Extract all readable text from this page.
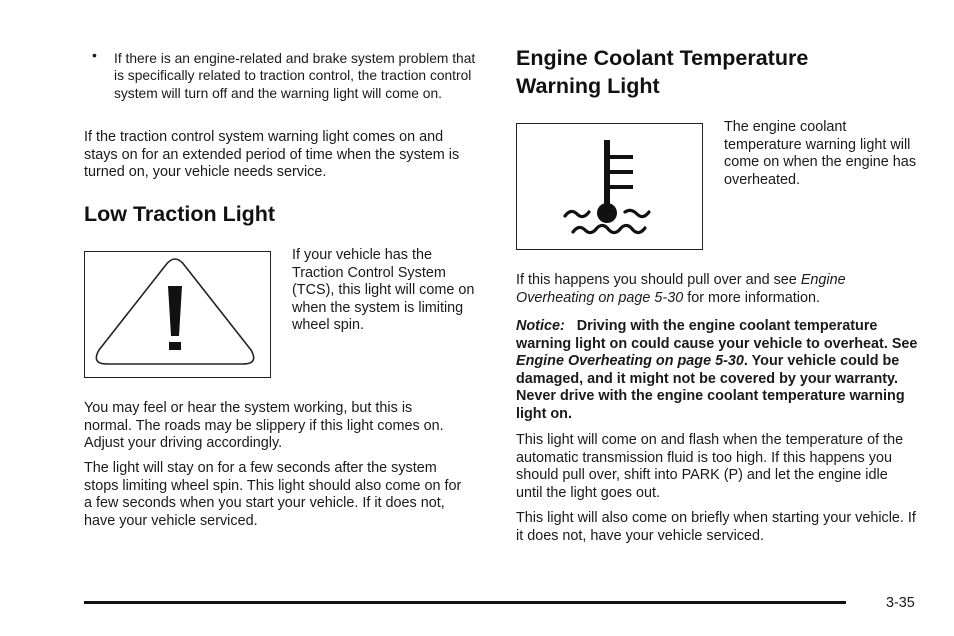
• If there is an engine-related and brake system problem that is specifically related to traction control, the traction control system will turn off and the warning light will come on.

If the traction control system warning light comes on and stays on for an extended period of time when the system is turned on, your vehicle needs service.

Low Traction Light

If your vehicle has the Traction Control System (TCS), this light will come on when the system is limiting wheel spin.

You may feel or hear the system working, but this is normal. The roads may be slippery if this light comes on. Adjust your driving accordingly.

The light will stay on for a few seconds after the system stops limiting wheel spin. This light should also come on for a few seconds when you start your vehicle. If it does not, have your vehicle serviced.

Engine Coolant Temperature
Warning Light

The engine coolant temperature warning light will come on when the engine has overheated.

If this happens you should pull over and see Engine Overheating on page 5-30 for more information.

Notice: Driving with the engine coolant temperature warning light on could cause your vehicle to overheat. See Engine Overheating on page 5-30. Your vehicle could be damaged, and it might not be covered by your warranty. Never drive with the engine coolant temperature warning light on.

This light will come on and flash when the temperature of the automatic transmission fluid is too high. If this happens you should pull over, shift into PARK (P) and let the engine idle until the light goes out.

This light will also come on briefly when starting your vehicle. If it does not, have your vehicle serviced.

3-35
